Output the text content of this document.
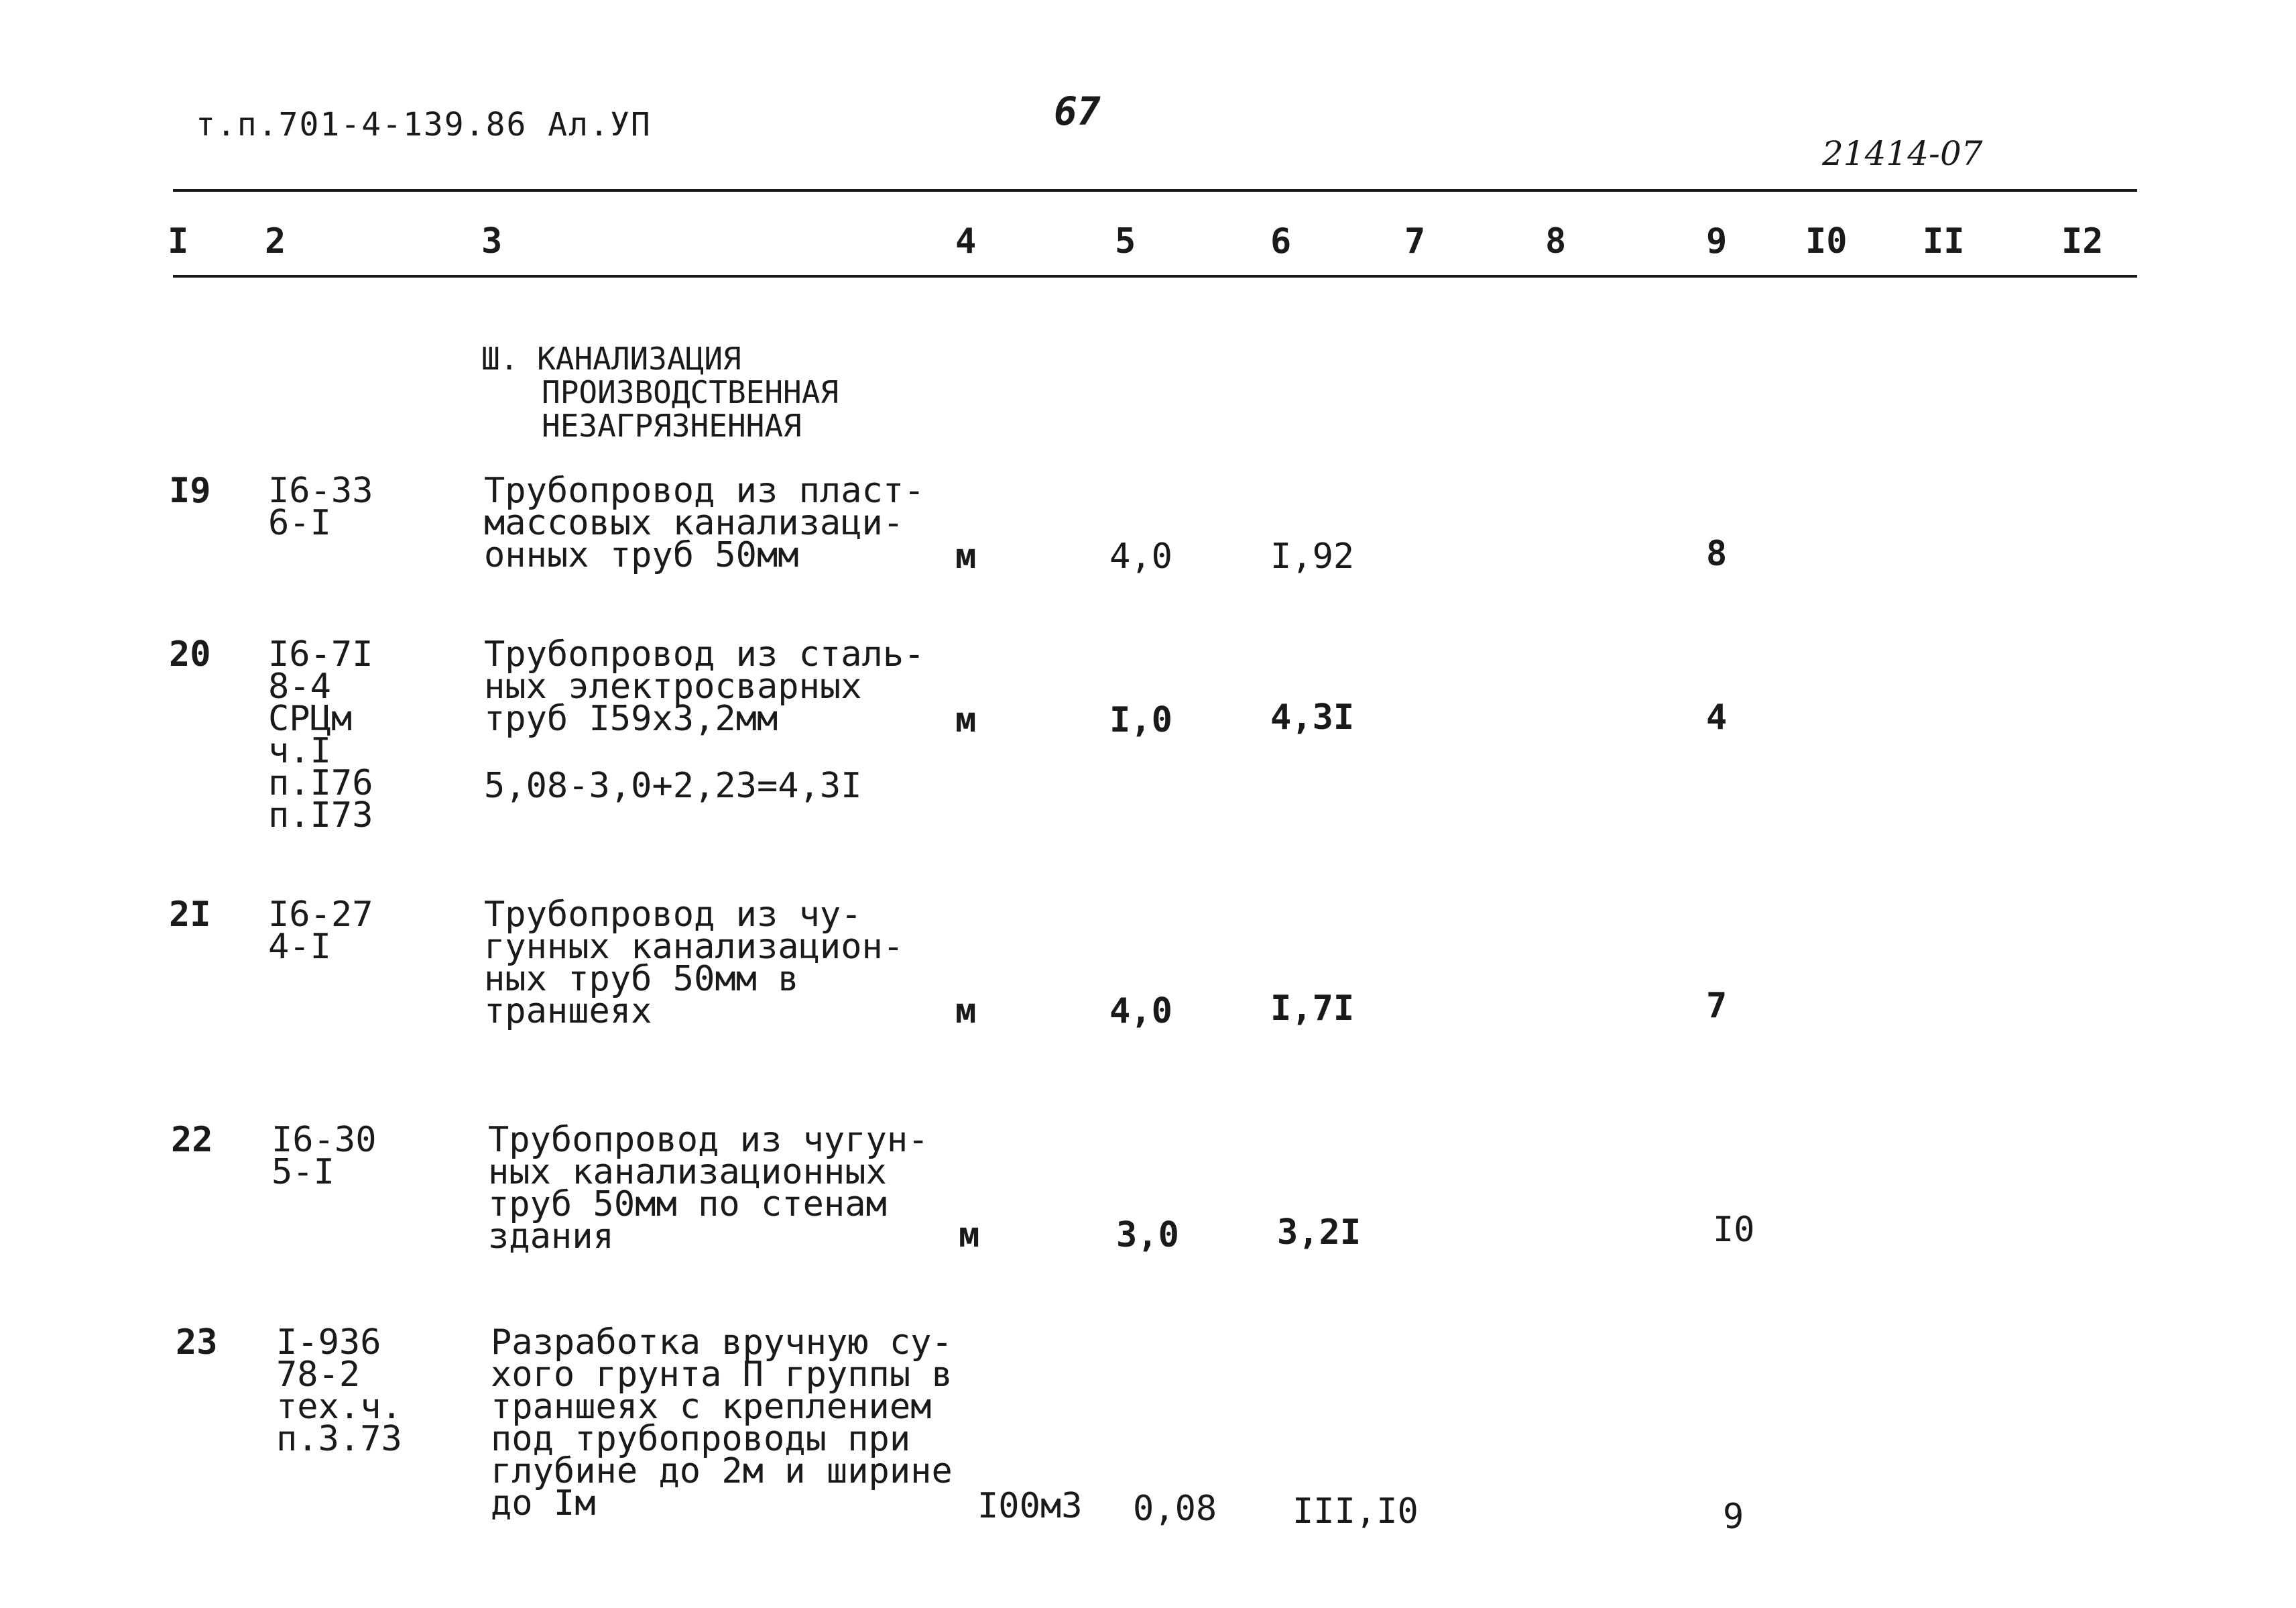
т.п.701-4-139.86 Ал.УП	67
21414-07
I 2	3	4	5	6	7	8	9 I0 II	I2
Ш. КАНАЛИЗАЦИЯ
ПРОИЗВОДСТВЕННАЯ
НЕЗАГРЯЗНЕННАЯ
I9 I6-33
6-I
Трубопровод из пласт-
массовых канализаци-
онных труб 50мм	м	4,0	I,92	8
20 I6-7I
8-4
СРЦм
ч.I
п.I76
п.I73
Трубопровод из сталь-
ных электросварных
труб I59х3,2мм
5,08-3,0+2,23=4,3I
м	I,0	4,3I	4
2I I6-27
4-I
Трубопровод из чу-
гунных канализацион-
ных труб 50мм в
траншеях	м	4,0	I,7I	7
22 I6-30
5-I
Трубопровод из чугун-
ных канализационных
труб 50мм по стенам
здания	м	3,0	3,2I	I0
23 I-936
78-2
тех.ч.
п.3.73
Разработка вручную су-
хого грунта П группы в
траншеях с креплением
под трубопроводы при
глубине до 2м и ширине
до Iм	I00м3 0,08 III,I0	9
